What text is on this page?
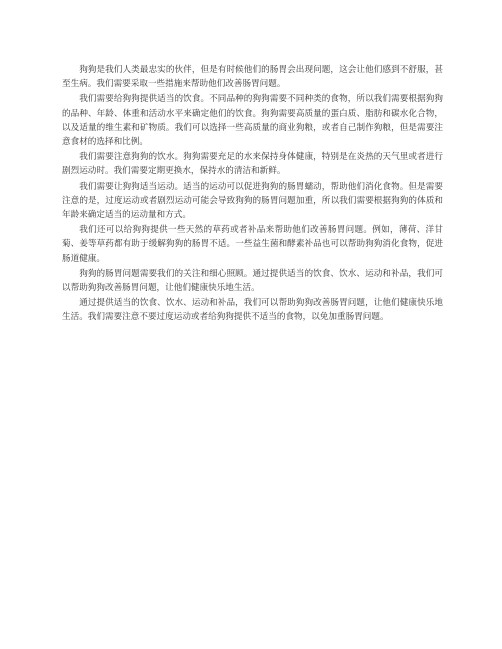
狗狗是我们人类最忠实的伙伴，但是有时候他们的肠胃会出现问题，这会让他们感到不舒服，甚至生病。我们需要采取一些措施来帮助他们改善肠胃问题。

我们需要给狗狗提供适当的饮食。不同品种的狗狗需要不同种类的食物，所以我们需要根据狗狗的品种、年龄、体重和活动水平来确定他们的饮食。狗狗需要高质量的蛋白质、脂肪和碳水化合物，以及适量的维生素和矿物质。我们可以选择一些高质量的商业狗粮，或者自己制作狗粮，但是需要注意食材的选择和比例。

我们需要注意狗狗的饮水。狗狗需要充足的水来保持身体健康，特别是在炎热的天气里或者进行剧烈运动时。我们需要定期更换水，保持水的清洁和新鲜。

我们需要让狗狗适当运动。适当的运动可以促进狗狗的肠胃蠕动，帮助他们消化食物。但是需要注意的是，过度运动或者剧烈运动可能会导致狗狗的肠胃问题加重，所以我们需要根据狗狗的体质和年龄来确定适当的运动量和方式。

我们还可以给狗狗提供一些天然的草药或者补品来帮助他们改善肠胃问题。例如，薄荷、洋甘菊、姜等草药都有助于缓解狗狗的肠胃不适。一些益生菌和酵素补品也可以帮助狗狗消化食物，促进肠道健康。

狗狗的肠胃问题需要我们的关注和细心照顾。通过提供适当的饮食、饮水、运动和补品，我们可以帮助狗狗改善肠胃问题，让他们健康快乐地生活。

通过提供适当的饮食、饮水、运动和补品，我们可以帮助狗狗改善肠胃问题，让他们健康快乐地生活。我们需要注意不要过度运动或者给狗狗提供不适当的食物，以免加重肠胃问题。
